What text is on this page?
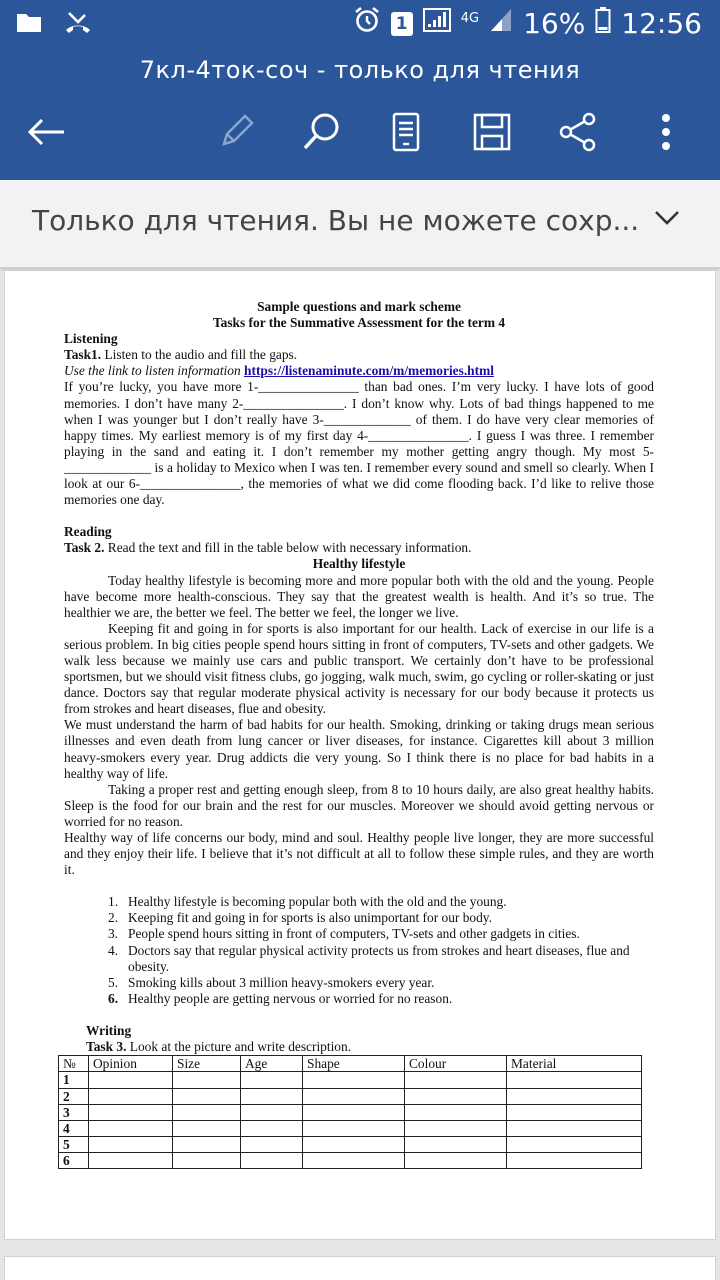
1	4G 16% 12:56
7кл-4ток-соч - только для чтения
Только для чтения. Вы не можете сохр...
Sample questions and mark scheme
Tasks for the Summative Assessment for the term 4
Listening
Task1. Listen to the audio and fill the gaps.
Use the link to listen information https://listenaminute.com/m/memories.html
If you’re lucky, you have more 1-_______________ than bad ones. I’m very lucky. I have lots of good memories. I don’t have many 2-_______________. I don’t know why. Lots of bad things happened to me when I was younger but I don’t really have 3-_____________ of them. I do have very clear memories of happy times. My earliest memory is of my first day 4-_______________. I guess I was three. I remember playing in the sand and eating it. I don’t remember my mother getting angry though. My most 5-_____________ is a holiday to Mexico when I was ten. I remember every sound and smell so clearly. When I look at our 6-_______________, the memories of what we did come flooding back. I’d like to relive those memories one day.
Reading
Task 2. Read the text and fill in the table below with necessary information.
Healthy lifestyle
Today healthy lifestyle is becoming more and more popular both with the old and the young. People have become more health-conscious. They say that the greatest wealth is health. And it’s so true. The healthier we are, the better we feel. The better we feel, the longer we live.
Keeping fit and going in for sports is also important for our health. Lack of exercise in our life is a serious problem. In big cities people spend hours sitting in front of computers, TV-sets and other gadgets. We walk less because we mainly use cars and public transport. We certainly don’t have to be professional sportsmen, but we should visit fitness clubs, go jogging, walk much, swim, go cycling or roller-skating or just dance. Doctors say that regular moderate physical activity is necessary for our body because it protects us from strokes and heart diseases, flue and obesity.
We must understand the harm of bad habits for our health. Smoking, drinking or taking drugs mean serious illnesses and even death from lung cancer or liver diseases, for instance. Cigarettes kill about 3 million heavy-smokers every year. Drug addicts die very young. So I think there is no place for bad habits in a healthy way of life.
Taking a proper rest and getting enough sleep, from 8 to 10 hours daily, are also great healthy habits. Sleep is the food for our brain and the rest for our muscles. Moreover we should avoid getting nervous or worried for no reason.
Healthy way of life concerns our body, mind and soul. Healthy people live longer, they are more successful and they enjoy their life. I believe that it’s not difficult at all to follow these simple rules, and they are worth it.
1. Healthy lifestyle is becoming popular both with the old and the young.
2. Keeping fit and going in for sports is also unimportant for our body.
3. People spend hours sitting in front of computers, TV-sets and other gadgets in cities.
4. Doctors say that regular physical activity protects us from strokes and heart diseases, flue and obesity.
5. Smoking kills about 3 million heavy-smokers every year.
6. Healthy people are getting nervous or worried for no reason.
Writing
Task 3. Look at the picture and write description.
№	Opinion	Size	Age	Shape	Colour	Material
1						
2						
3						
4						
5						
6						
